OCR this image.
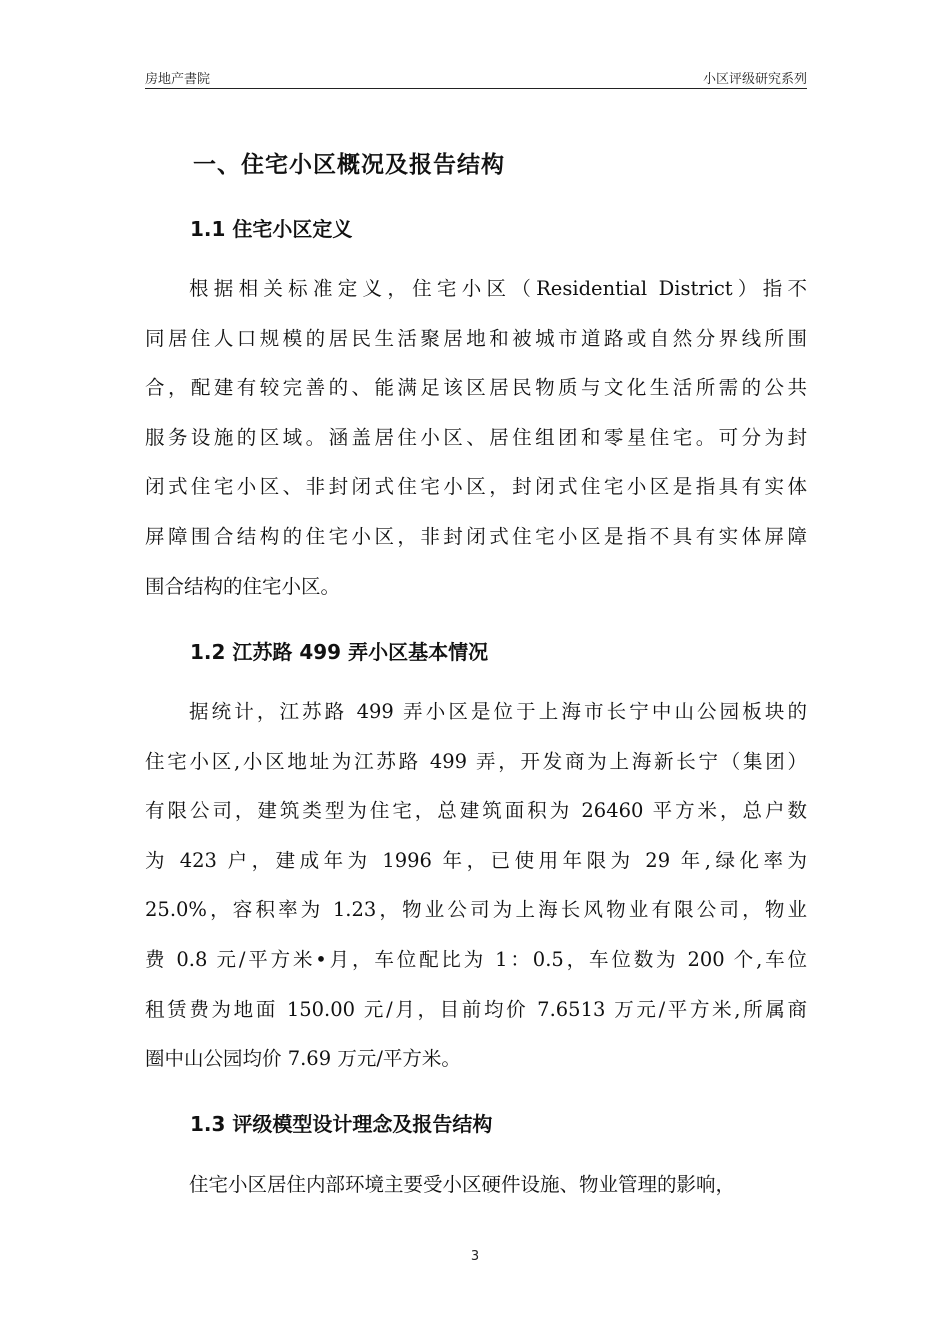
房地产書院	小区评级研究系列
一、住宅小区概况及报告结构
1.1 住宅小区定义
根据相关标准定义，住宅小区（Residential District）指不
同居住人口规模的居民生活聚居地和被城市道路或自然分界线所围
合，配建有较完善的、能满足该区居民物质与文化生活所需的公共
服务设施的区域。涵盖居住小区、居住组团和零星住宅。可分为封
闭式住宅小区、非封闭式住宅小区，封闭式住宅小区是指具有实体
屏障围合结构的住宅小区，非封闭式住宅小区是指不具有实体屏障
围合结构的住宅小区。
1.2 江苏路 499 弄小区基本情况
据统计，江苏路 499 弄小区是位于上海市长宁中山公园板块的
住宅小区,小区地址为江苏路 499 弄，开发商为上海新长宁（集团）
有限公司，建筑类型为住宅，总建筑面积为 26460 平方米，总户数
为 423 户，建成年为 1996 年，已使用年限为 29 年,绿化率为
25.0%，容积率为 1.23，物业公司为上海长风物业有限公司，物业
费 0.8 元/平方米•月，车位配比为 1：0.5，车位数为 200 个,车位
租赁费为地面 150.00 元/月，目前均价 7.6513 万元/平方米,所属商
圈中山公园均价 7.69 万元/平方米。
1.3 评级模型设计理念及报告结构
住宅小区居住内部环境主要受小区硬件设施、物业管理的影响，
3
